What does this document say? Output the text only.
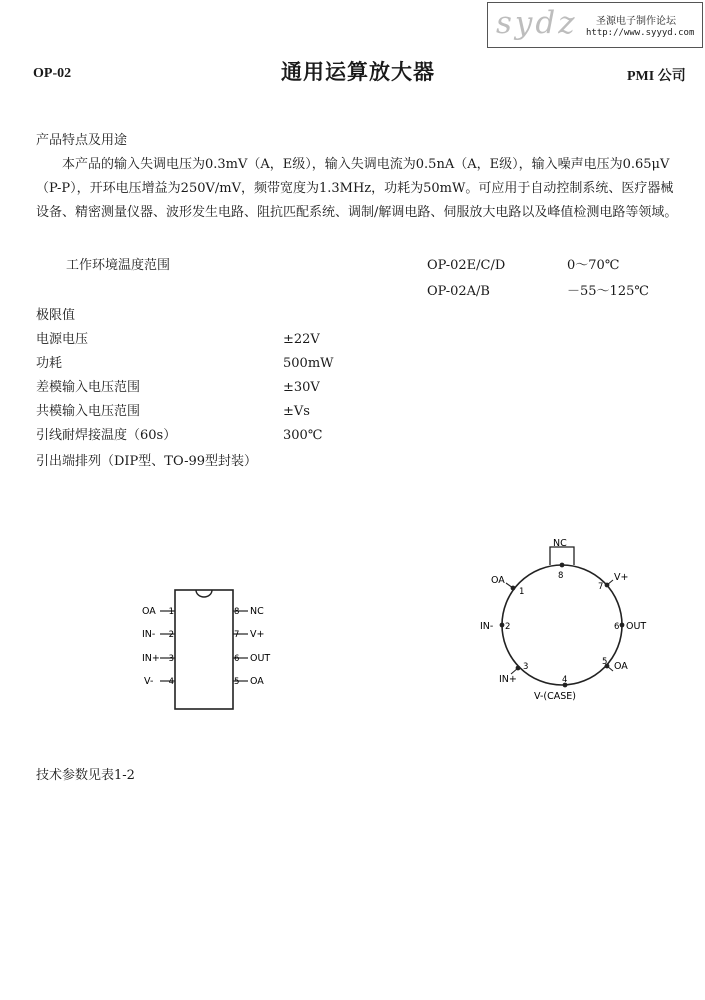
sydz 圣源电子制作论坛
http://www.syyyd.com
OP-02	通用运算放大器	PMI 公司
产品特点及用途
本产品的输入失调电压为0.3mV（A，E级），输入失调电流为0.5nA（A，E级），输入噪声电压为0.65μV（P-P），开环电压增益为250V/mV，频带宽度为1.3MHz，功耗为50mW。可应用于自动控制系统、医疗器械设备、精密测量仪器、波形发生电路、阻抗匹配系统、调制/解调电路、伺服放大电路以及峰值检测电路等领域。
工作环境温度范围	OP-02E/C/D	0～70℃
OP-02A/B	－55～125℃
极限值
电源电压	±22V
功耗	500mW
差模输入电压范围	±30V
共模输入电压范围	±Vs
引线耐焊接温度（60s）	300℃
引出端排列（DIP型、TO-99型封装）
OA 1
IN- 2
IN+ 3
V- 4
8 NC
7 V+
6 OUT
5 OA
NC
8
OA
1
V+
7
IN- 2	6 OUT
3
IN+
5 OA
4
V-(CASE)
技术参数见表1-2
